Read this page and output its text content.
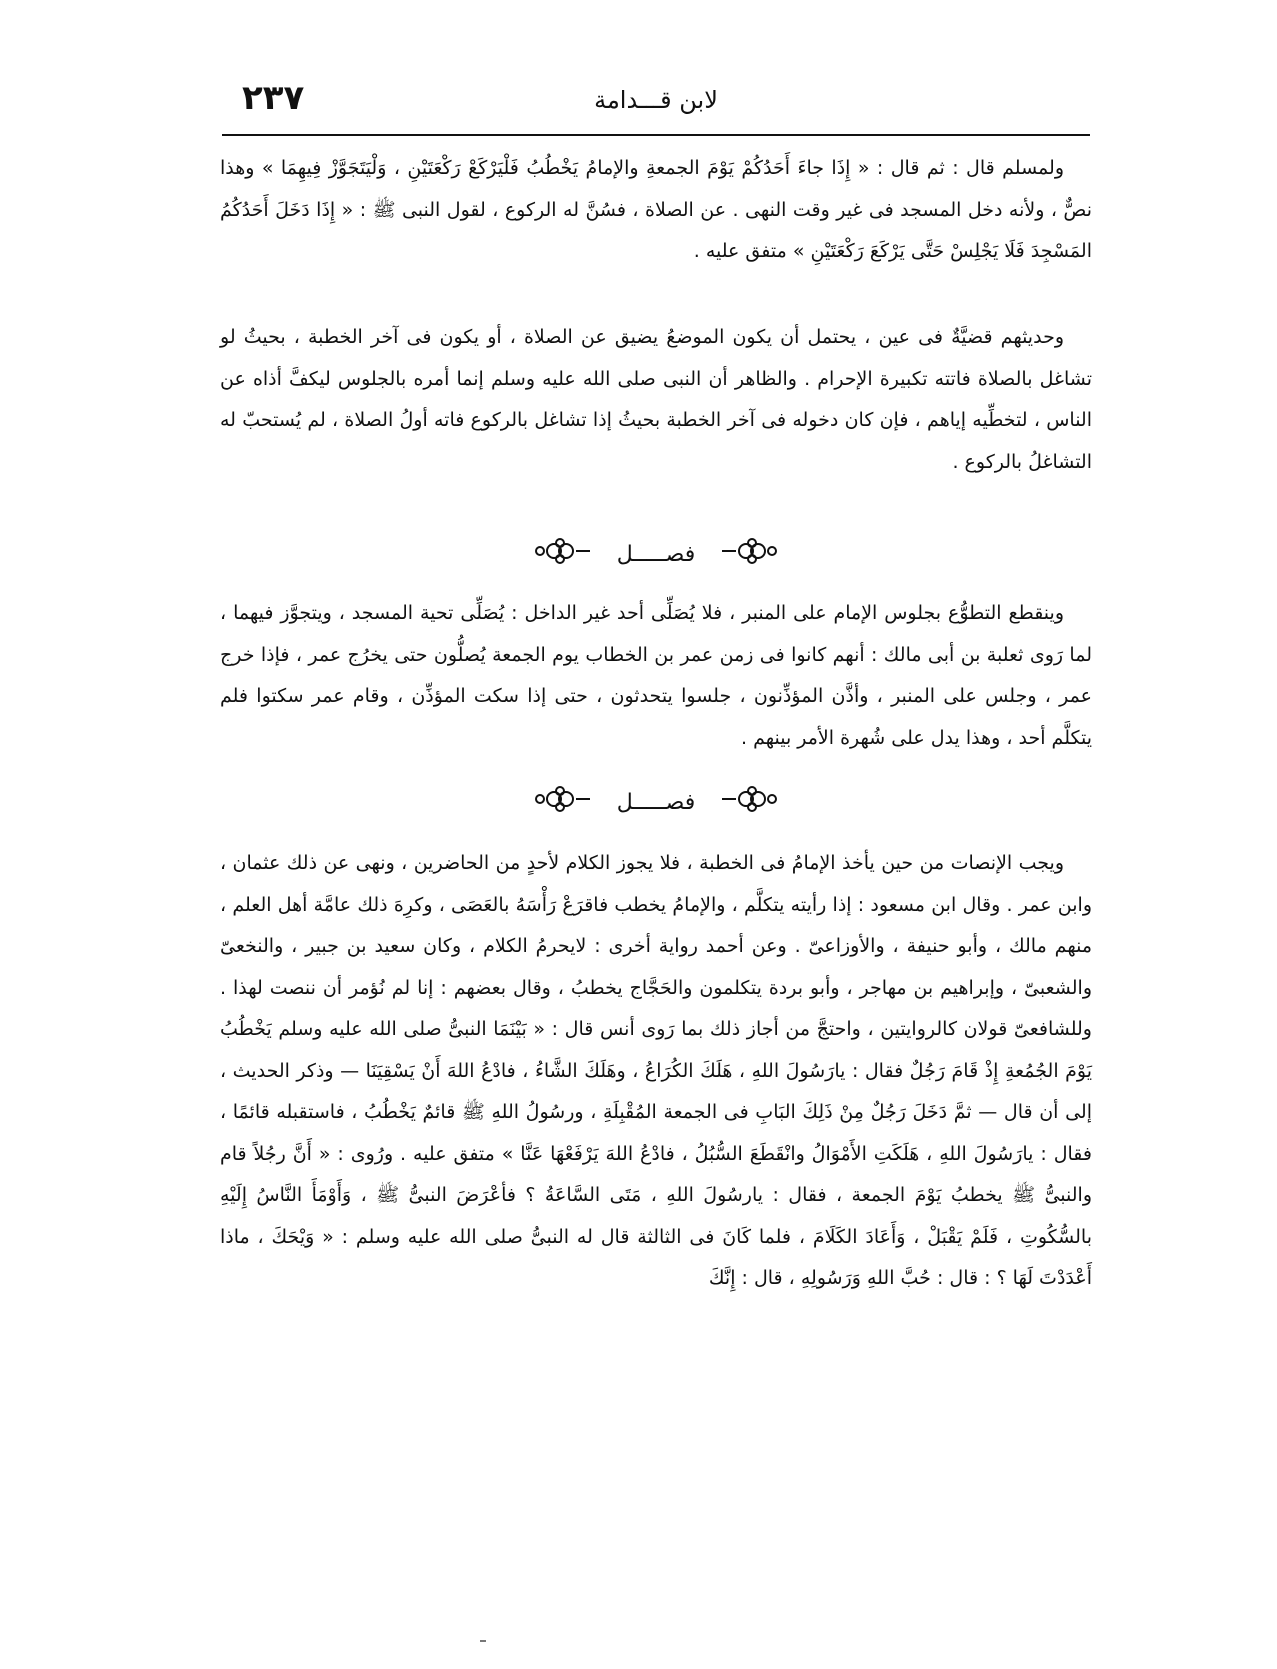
٢٣٧	لابن قـــدامة

ولمسلم قال : ثم قال : « إِذَا جاءَ أَحَدُكُمْ يَوْمَ الجمعةِ والإمامُ يَخْطُبُ فَلْيَرْكَعْ رَكْعَتَيْنِ ، وَلْيَتَجَوَّزْ فِيهِمَا » وهذا نصٌّ ، ولأنه دخل المسجد فى غير وقت النهى . عن الصلاة ، فسُنَّ له الركوع ، لقول النبى ﷺ : « إِذَا دَخَلَ أَحَدُكُمُ المَسْجِدَ فَلَا يَجْلِسْ حَتَّى يَرْكَعَ رَكْعَتَيْنِ » متفق عليه .

وحديثهم قضيَّةٌ فى عين ، يحتمل أن يكون الموضعُ يضيق عن الصلاة ، أو يكون فى آخر الخطبة ، بحيثُ لو تشاغل بالصلاة فاتته تكبيرة الإحرام . والظاهر أن النبى صلى الله عليه وسلم إنما أمره بالجلوس ليكفَّ أذاه عن الناس ، لتخطِّيه إياهم ، فإن كان دخوله فى آخر الخطبة بحيثُ إذا تشاغل بالركوع فاته أولُ الصلاة ، لم يُستحبّ له التشاغلُ بالركوع .

فصـــــل

وينقطع التطوُّع بجلوس الإمام على المنبر ، فلا يُصَلِّى أحد غير الداخل : يُصَلِّى تحية المسجد ، ويتجوَّز فيهما ، لما رَوى ثعلبة بن أبى مالك : أنهم كانوا فى زمن عمر بن الخطاب يوم الجمعة يُصلُّون حتى يخرُج عمر ، فإذا خرج عمر ، وجلس على المنبر ، وأذَّن المؤذِّنون ، جلسوا يتحدثون ، حتى إذا سكت المؤذِّن ، وقام عمر سكتوا فلم يتكلَّم أحد ، وهذا يدل على شُهرة الأمر بينهم .

فصـــــل

ويجب الإنصات من حين يأخذ الإمامُ فى الخطبة ، فلا يجوز الكلام لأحدٍ من الحاضرين ، ونهى عن ذلك عثمان ، وابن عمر . وقال ابن مسعود : إذا رأيته يتكلَّم ، والإمامُ يخطب فاقرَعْ رَأْسَهُ بالعَصَى ، وكرِهَ ذلك عامَّة أهل العلم ، منهم مالك ، وأبو حنيفة ، والأوزاعىّ . وعن أحمد رواية أخرى : لايحرمُ الكلام ، وكان سعيد بن جبير ، والنخعىّ والشعبىّ ، وإبراهيم بن مهاجر ، وأبو بردة يتكلمون والحَجَّاج يخطبُ ، وقال بعضهم : إنا لم نُؤمر أن ننصت لهذا . وللشافعىّ قولان كالروايتين ، واحتجَّ من أجاز ذلك بما رَوى أنس قال : « بَيْنَمَا النبىُّ صلى الله عليه وسلم يَخْطُبُ يَوْمَ الجُمُعةِ إِذْ قَامَ رَجُلٌ فقال : يارَسُولَ اللهِ ، هَلَكَ الكُرَاعُ ، وهَلَكَ الشَّاءُ ، فادْعُ اللهَ أَنْ يَسْقِيَنَا — وذكر الحديث ، إلى أن قال — ثمَّ دَخَلَ رَجُلٌ مِنْ ذَلِكَ البَابِ فى الجمعة المُقْبِلَةِ ، ورسُولُ اللهِ ﷺ قائمٌ يَخْطُبُ ، فاستقبله قائمًا ، فقال : يارَسُولَ اللهِ ، هَلَكَتِ الأَمْوَالُ وانْقَطَعَ السُّبُلُ ، فادْعُ اللهَ يَرْفَعْهَا عَنَّا » متفق عليه . ورُوى : « أَنَّ رجُلاً قام والنبىُّ ﷺ يخطبُ يَوْمَ الجمعة ، فقال : يارسُولَ اللهِ ، مَتَى السَّاعَةُ ؟ فأعْرَضَ النبىُّ ﷺ ، وَأَوْمَأَ النَّاسُ إِلَيْهِ بالسُّكُوتِ ، فَلَمْ يَقْبَلْ ، وَأَعَادَ الكَلَامَ ، فلما كَانَ فى الثالثة قال له النبىُّ صلى الله عليه وسلم : « وَيْحَكَ ، ماذا أَعْدَدْتَ لَهَا ؟ : قال : حُبَّ اللهِ وَرَسُولِهِ ، قال : إِنَّكَ
